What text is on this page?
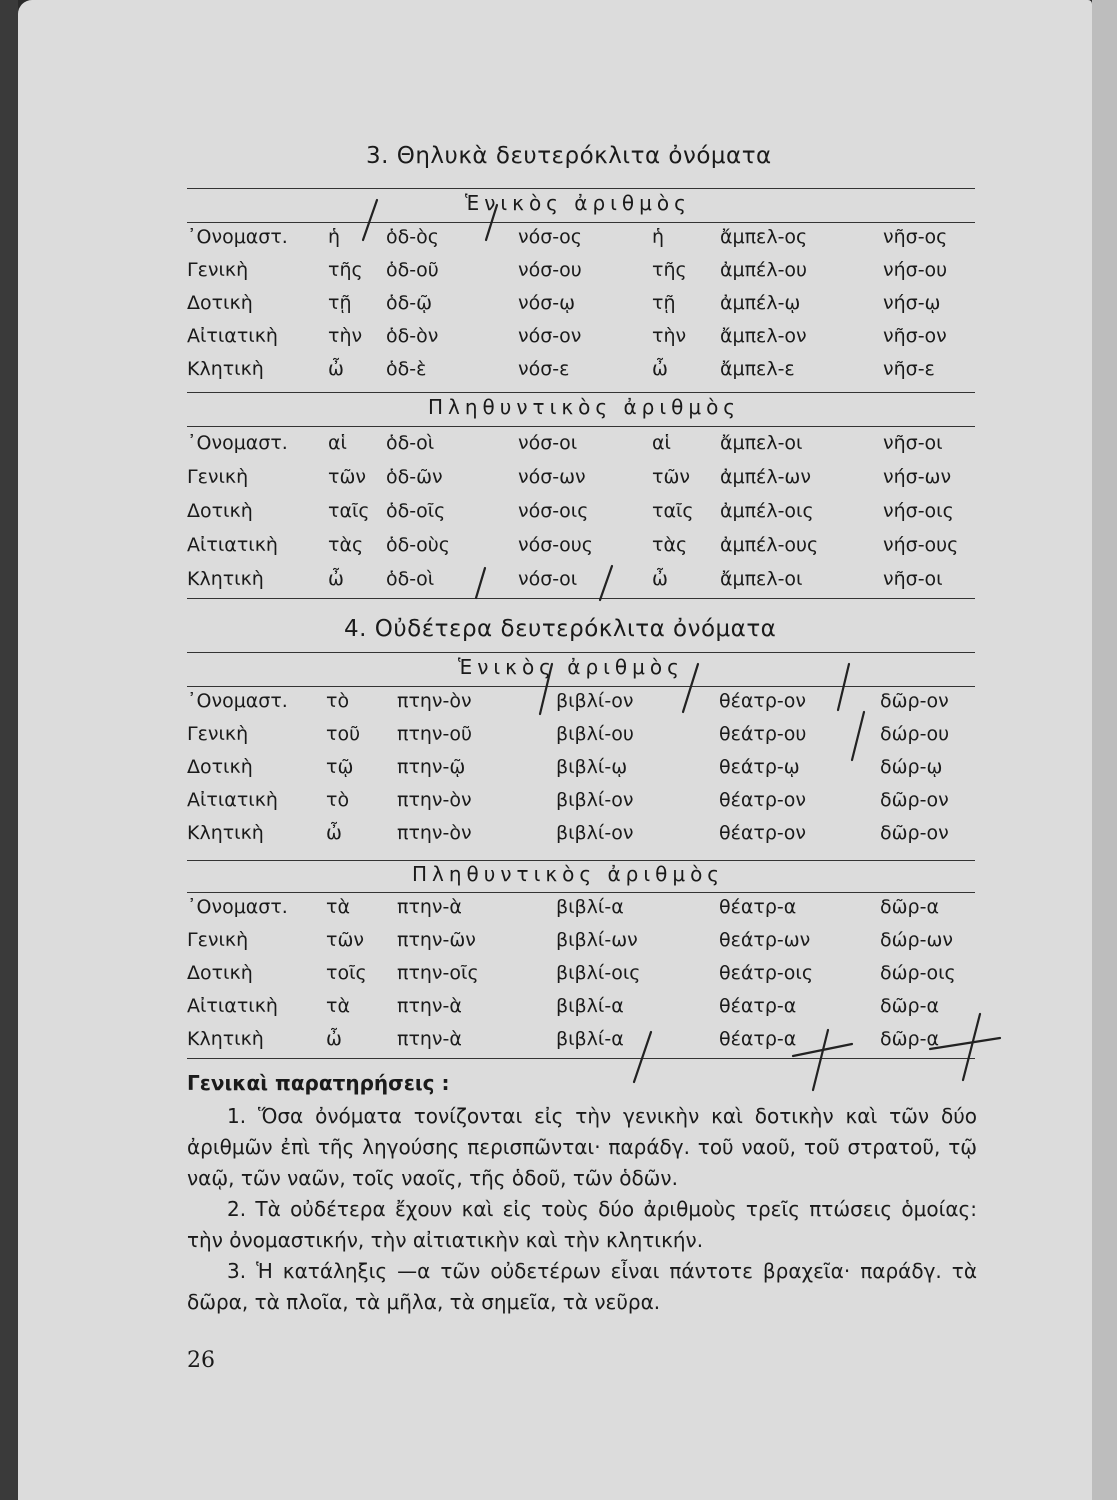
3. Θηλυκὰ δευτερόκλιτα ὀνόματα
Ἑνικὸς ἀριθμὸς
᾿Ονομαστ. ἡ ὁδ-ὸς	νόσ-ος	ἡ	ἄμπελ-ος	νῆσ-ος
Γενικὴ	τῆς ὁδ-οῦ	νόσ-ου	τῆς ἀμπέλ-ου	νήσ-ου
Δοτικὴ	τῇ ὁδ-ῷ	νόσ-ῳ	τῇ ἀμπέλ-ῳ	νήσ-ῳ
Αἰτιατικὴ	τὴν ὁδ-ὸν	νόσ-ον	τὴν ἄμπελ-ον	νῆσ-ον
Κλητικὴ	ὦ ὁδ-ὲ	νόσ-ε	ὦ	ἄμπελ-ε	νῆσ-ε
Πληθυντικὸς ἀριθμὸς
᾿Ονομαστ. αἱ ὁδ-οὶ	νόσ-οι	αἱ	ἄμπελ-οι	νῆσ-οι
Γενικὴ	τῶν ὁδ-ῶν	νόσ-ων	τῶν ἀμπέλ-ων	νήσ-ων
Δοτικὴ	ταῖς ὁδ-οῖς	νόσ-οις	ταῖς ἀμπέλ-οις	νήσ-οις
Αἰτιατικὴ	τὰς ὁδ-οὺς	νόσ-ους	τὰς ἀμπέλ-ους	νήσ-ους
Κλητικὴ	ὦ ὁδ-οὶ	νόσ-οι	ὦ	ἄμπελ-οι	νῆσ-οι
4. Οὐδέτερα δευτερόκλιτα ὀνόματα
Ἑνικὸς ἀριθμὸς
᾿Ονομαστ. τὸ	πτην-ὸν	βιβλί-ον	θέατρ-ον	δῶρ-ον
Γενικὴ	τοῦ πτην-οῦ	βιβλί-ου	θεάτρ-ου	δώρ-ου
Δοτικὴ	τῷ πτην-ῷ	βιβλί-ῳ	θεάτρ-ῳ	δώρ-ῳ
Αἰτιατικὴ	τὸ	πτην-ὸν	βιβλί-ον	θέατρ-ον	δῶρ-ον
Κλητικὴ	ὦ	πτην-ὸν	βιβλί-ον	θέατρ-ον	δῶρ-ον
Πληθυντικὸς ἀριθμὸς
᾿Ονομαστ. τὰ πτην-ὰ	βιβλί-α	θέατρ-α	δῶρ-α
Γενικὴ	τῶν πτην-ῶν	βιβλί-ων	θεάτρ-ων	δώρ-ων
Δοτικὴ	τοῖς πτην-οῖς	βιβλί-οις	θεάτρ-οις	δώρ-οις
Αἰτιατικὴ	τὰ πτην-ὰ	βιβλί-α	θέατρ-α	δῶρ-α
Κλητικὴ	ὦ	πτην-ὰ	βιβλί-α	θέατρ-α	δῶρ-α
Γενικαὶ παρατηρήσεις :

1. Ὅσα ὀνόματα τονίζονται εἰς τὴν γενικὴν καὶ δοτικὴν καὶ τῶν δύο ἀριθμῶν ἐπὶ τῆς ληγούσης περισπῶνται· παράδγ. τοῦ ναοῦ, τοῦ στρατοῦ, τῷ ναῷ, τῶν ναῶν, τοῖς ναοῖς, τῆς ὁδοῦ, τῶν ὁδῶν.

2. Τὰ οὐδέτερα ἔχουν καὶ εἰς τοὺς δύο ἀριθμοὺς τρεῖς πτώσεις ὁμοίας: τὴν ὀνομαστικήν, τὴν αἰτιατικὴν καὶ τὴν κλητικήν.

3. Ἡ κατάληξις —α τῶν οὐδετέρων εἶναι πάντοτε βραχεῖα· παράδγ. τὰ δῶρα, τὰ πλοῖα, τὰ μῆλα, τὰ σημεῖα, τὰ νεῦρα.

26
